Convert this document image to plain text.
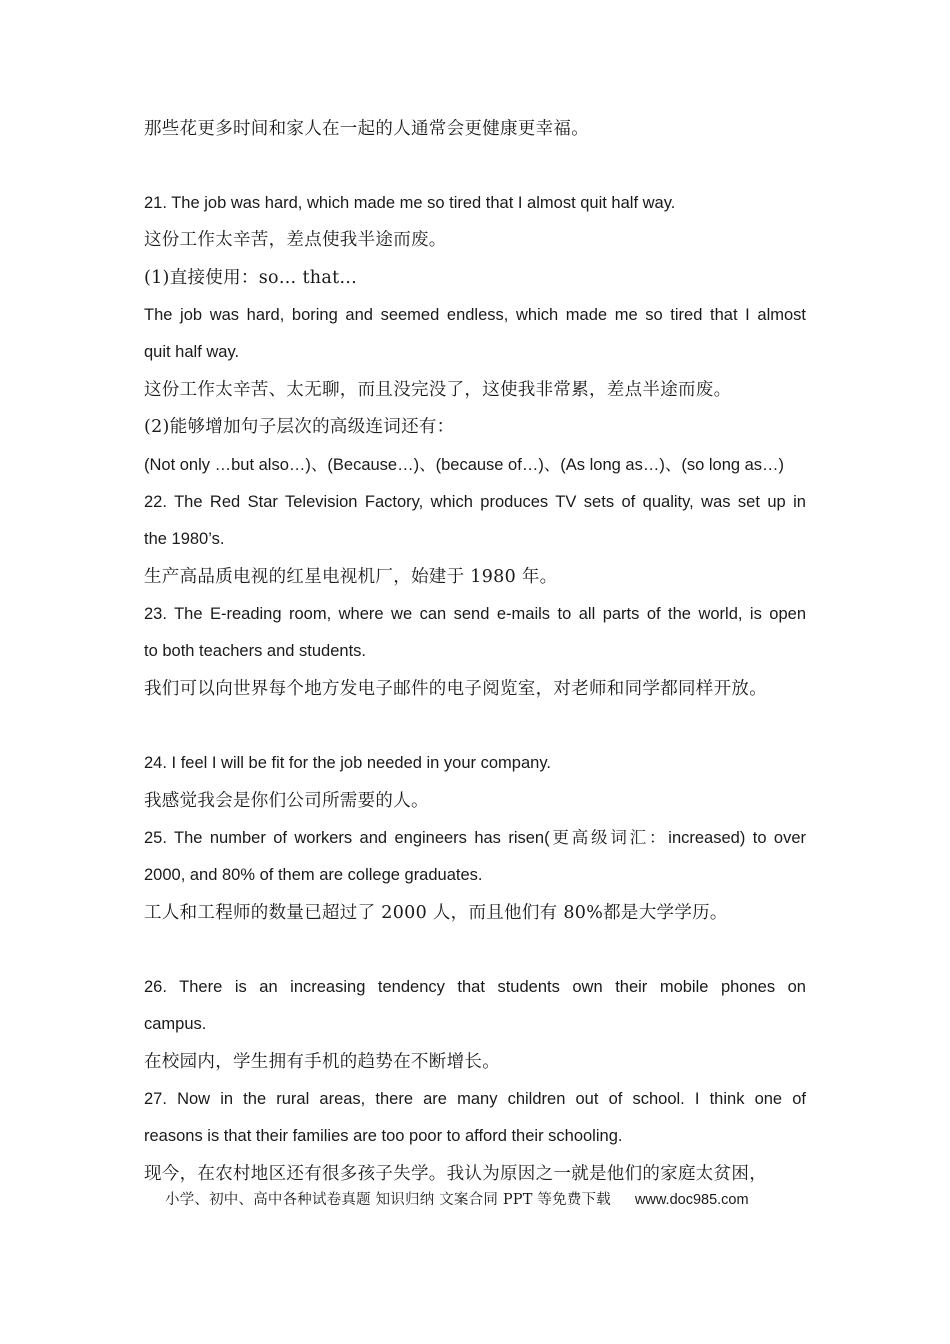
那些花更多时间和家人在一起的人通常会更健康更幸福。
21. The job was hard, which made me so tired that I almost quit half way.
这份工作太辛苦，差点使我半途而废。
(1)直接使用：so… that…
The job was hard, boring and seemed endless, which made me so tired that I almost
quit half way.
这份工作太辛苦、太无聊，而且没完没了，这使我非常累，差点半途而废。
(2)能够增加句子层次的高级连词还有：
(Not only …but also…)、(Because…)、(because of…)、(As long as…)、(so long as…)
22. The Red Star Television Factory, which produces TV sets of quality, was set up in
the 1980’s.
生产高品质电视的红星电视机厂，始建于 1980 年。
23. The E-reading room, where we can send e-mails to all parts of the world, is open
to both teachers and students.
我们可以向世界每个地方发电子邮件的电子阅览室，对老师和同学都同样开放。
24. I feel I will be fit for the job needed in your company.
我感觉我会是你们公司所需要的人。
25. The number of workers and engineers has risen(更高级词汇：increased) to over
2000, and 80% of them are college graduates.
工人和工程师的数量已超过了 2000 人，而且他们有 80%都是大学学历。
26. There is an increasing tendency that students own their mobile phones on
campus.
在校园内，学生拥有手机的趋势在不断增长。
27. Now in the rural areas, there are many children out of school. I think one of
reasons is that their families are too poor to afford their schooling.
现今，在农村地区还有很多孩子失学。我认为原因之一就是他们的家庭太贫困，
小学、初中、高中各种试卷真题 知识归纳 文案合同 PPT 等免费下载 www.doc985.com
